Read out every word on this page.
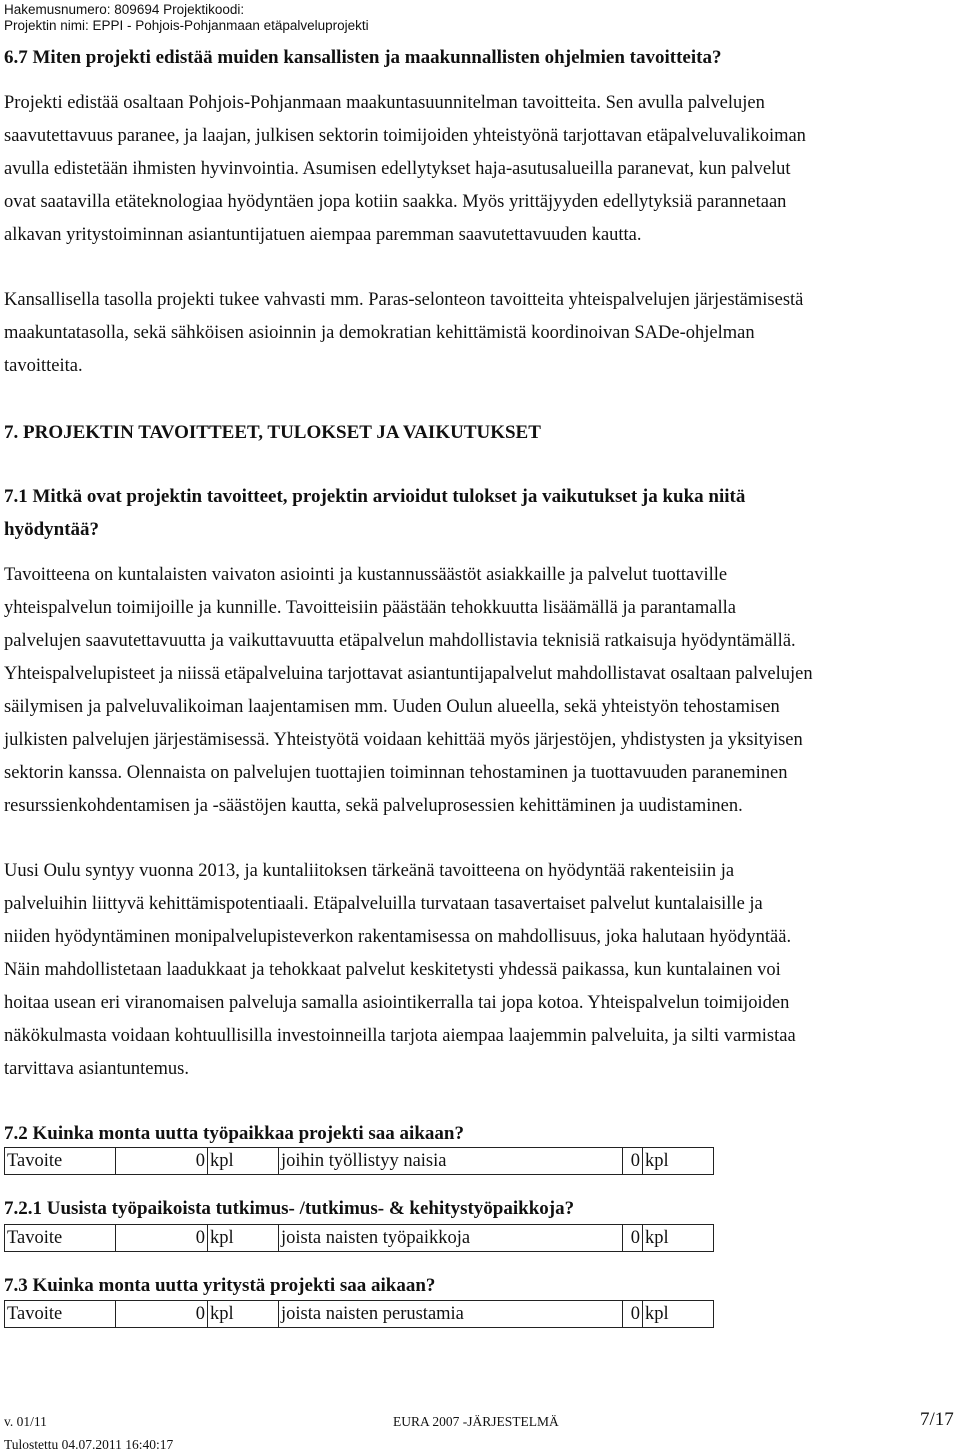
Hakemusnumero: 809694 Projektikoodi:
Projektin nimi: EPPI - Pohjois-Pohjanmaan etäpalveluprojekti
6.7 Miten projekti edistää muiden kansallisten ja maakunnallisten ohjelmien tavoitteita?
Projekti edistää osaltaan Pohjois-Pohjanmaan maakuntasuunnitelman tavoitteita. Sen avulla palvelujen
saavutettavuus paranee, ja laajan, julkisen sektorin toimijoiden yhteistyönä tarjottavan etäpalveluvalikoiman
avulla edistetään ihmisten hyvinvointia. Asumisen edellytykset haja-asutusalueilla paranevat, kun palvelut
ovat saatavilla etäteknologiaa hyödyntäen jopa kotiin saakka. Myös yrittäjyyden edellytyksiä parannetaan
alkavan yritystoiminnan asiantuntijatuen aiempaa paremman saavutettavuuden kautta.
Kansallisella tasolla projekti tukee vahvasti mm. Paras-selonteon tavoitteita yhteispalvelujen järjestämisestä
maakuntatasolla, sekä sähköisen asioinnin ja demokratian kehittämistä koordinoivan SADe-ohjelman
tavoitteita.
7. PROJEKTIN TAVOITTEET, TULOKSET JA VAIKUTUKSET
7.1 Mitkä ovat projektin tavoitteet, projektin arvioidut tulokset ja vaikutukset ja kuka niitä
hyödyntää?
Tavoitteena on kuntalaisten vaivaton asiointi ja kustannussäästöt asiakkaille ja palvelut tuottaville
yhteispalvelun toimijoille ja kunnille. Tavoitteisiin päästään tehokkuutta lisäämällä ja parantamalla
palvelujen saavutettavuutta ja vaikuttavuutta etäpalvelun mahdollistavia teknisiä ratkaisuja hyödyntämällä.
Yhteispalvelupisteet ja niissä etäpalveluina tarjottavat asiantuntijapalvelut mahdollistavat osaltaan palvelujen
säilymisen ja palveluvalikoiman laajentamisen mm. Uuden Oulun alueella, sekä yhteistyön tehostamisen
julkisten palvelujen järjestämisessä. Yhteistyötä voidaan kehittää myös järjestöjen, yhdistysten ja yksityisen
sektorin kanssa. Olennaista on palvelujen tuottajien toiminnan tehostaminen ja tuottavuuden paraneminen
resurssienkohdentamisen ja -säästöjen kautta, sekä palveluprosessien kehittäminen ja uudistaminen.
Uusi Oulu syntyy vuonna 2013, ja kuntaliitoksen tärkeänä tavoitteena on hyödyntää rakenteisiin ja
palveluihin liittyvä kehittämispotentiaali. Etäpalveluilla turvataan tasavertaiset palvelut kuntalaisille ja
niiden hyödyntäminen monipalvelupisteverkon rakentamisessa on mahdollisuus, joka halutaan hyödyntää.
Näin mahdollistetaan laadukkaat ja tehokkaat palvelut keskitetysti yhdessä paikassa, kun kuntalainen voi
hoitaa usean eri viranomaisen palveluja samalla asiointikerralla tai jopa kotoa. Yhteispalvelun toimijoiden
näkökulmasta voidaan kohtuullisilla investoinneilla tarjota aiempaa laajemmin palveluita, ja silti varmistaa
tarvittava asiantuntemus.
7.2 Kuinka monta uutta työpaikkaa projekti saa aikaan?
Tavoite	0	kpl	joihin työllistyy naisia	0	kpl
7.2.1 Uusista työpaikoista tutkimus- /tutkimus- & kehitystyöpaikkoja?
Tavoite	0	kpl	joista naisten työpaikkoja	0	kpl
7.3 Kuinka monta uutta yritystä projekti saa aikaan?
Tavoite	0	kpl	joista naisten perustamia	0	kpl
v. 01/11	EURA 2007 -JÄRJESTELMÄ	7/17
Tulostettu 04.07.2011 16:40:17
